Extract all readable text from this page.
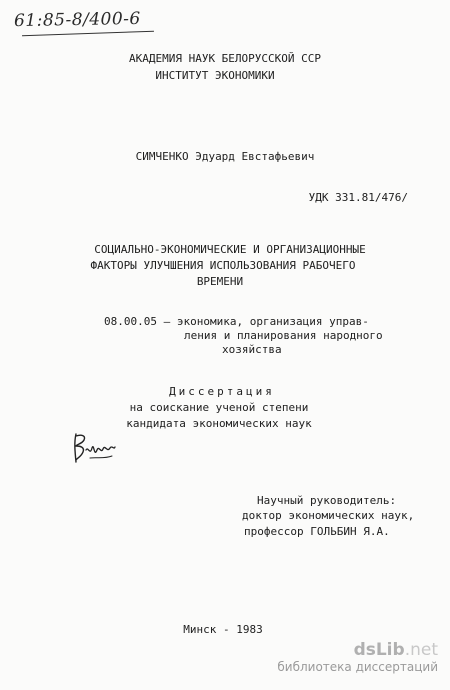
61:85-8/400-6
АКАДЕМИЯ НАУК БЕЛОРУССКОЙ ССР
ИНСТИТУТ ЭКОНОМИКИ
СИМЧЕНКО Эдуард Евстафьевич
УДК 331.81/476/
СОЦИАЛЬНО-ЭКОНОМИЧЕСКИЕ И ОРГАНИЗАЦИОННЫЕ
ФАКТОРЫ УЛУЧШЕНИЯ ИСПОЛЬЗОВАНИЯ РАБОЧЕГО
ВРЕМЕНИ
08.00.05 — экономика, организация управ-
ления и планирования народного
хозяйства
Диссертация
на соискание ученой степени
кандидата экономических наук
Научный руководитель:
доктор экономических наук,
профессор ГОЛЬБИН Я.А.
Минск - 1983
dsLib.net
библиотека диссертаций
